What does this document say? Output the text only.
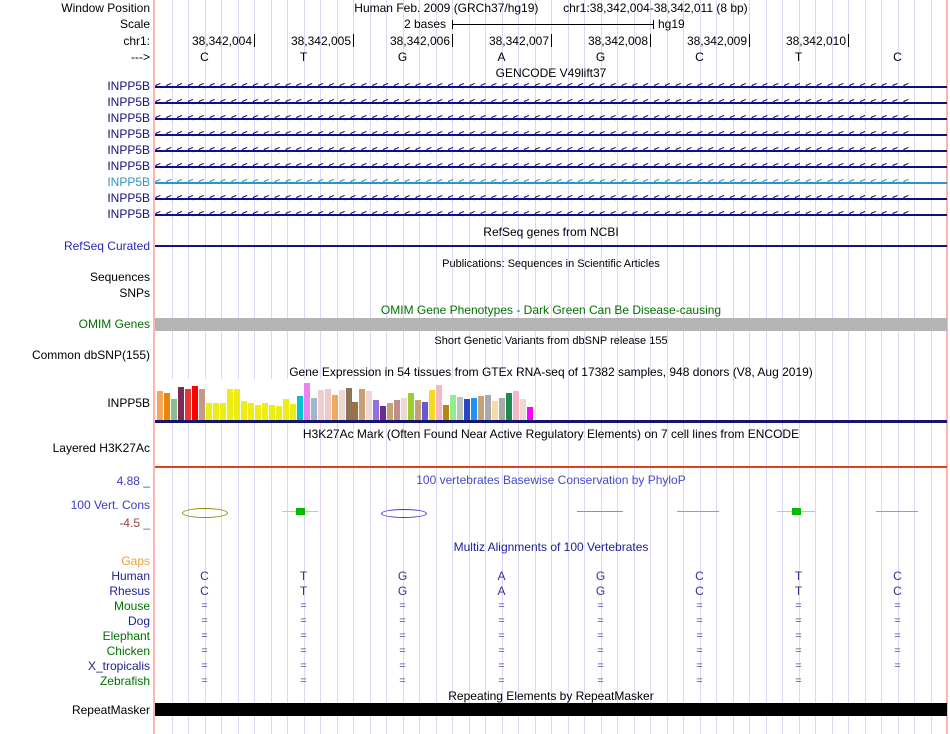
Window Position
Scale
chr1:
--->
Human Feb. 2009 (GRCh37/hg19) chr1:38,342,004-38,342,011 (8 bp)
2 bases	hg19
38,342,004	38,342,005	38,342,006	38,342,007	38,342,008	38,342,009	38,342,010
C	T	G	A	G	C	T	C
GENCODE V49lift37
INPP5B <<<<<<<<<<<<<<<<<<<<<<<<<<<<<<<<<<<<<<<<<<<<<<<<<<<<<<<<<<<<<<<<<<<<<<
INPP5B <<<<<<<<<<<<<<<<<<<<<<<<<<<<<<<<<<<<<<<<<<<<<<<<<<<<<<<<<<<<<<<<<<<<<<
INPP5B <<<<<<<<<<<<<<<<<<<<<<<<<<<<<<<<<<<<<<<<<<<<<<<<<<<<<<<<<<<<<<<<<<<<<<
INPP5B <<<<<<<<<<<<<<<<<<<<<<<<<<<<<<<<<<<<<<<<<<<<<<<<<<<<<<<<<<<<<<<<<<<<<<
INPP5B <<<<<<<<<<<<<<<<<<<<<<<<<<<<<<<<<<<<<<<<<<<<<<<<<<<<<<<<<<<<<<<<<<<<<<
INPP5B <<<<<<<<<<<<<<<<<<<<<<<<<<<<<<<<<<<<<<<<<<<<<<<<<<<<<<<<<<<<<<<<<<<<<<
INPP5B <<<<<<<<<<<<<<<<<<<<<<<<<<<<<<<<<<<<<<<<<<<<<<<<<<<<<<<<<<<<<<<<<<<<<<
INPP5B <<<<<<<<<<<<<<<<<<<<<<<<<<<<<<<<<<<<<<<<<<<<<<<<<<<<<<<<<<<<<<<<<<<<<<
INPP5B <<<<<<<<<<<<<<<<<<<<<<<<<<<<<<<<<<<<<<<<<<<<<<<<<<<<<<<<<<<<<<<<<<<<<<
RefSeq genes from NCBI
RefSeq Curated
Publications: Sequences in Scientific Articles
Sequences
SNPs
OMIM Gene Phenotypes - Dark Green Can Be Disease-causing
OMIM Genes
Short Genetic Variants from dbSNP release 155
Common dbSNP(155)
Gene Expression in 54 tissues from GTEx RNA-seq of 17382 samples, 948 donors (V8, Aug 2019)
INPP5B
H3K27Ac Mark (Often Found Near Active Regulatory Elements) on 7 cell lines from ENCODE
Layered H3K27Ac
100 vertebrates Basewise Conservation by PhyloP
4.88 _
100 Vert. Cons
-4.5 _
Multiz Alignments of 100 Vertebrates
Gaps
Human	C	T	G	A	G	C	T	C
Rhesus	C	T	G	A	G	C	T	C
Mouse	=	=	=	=	=	=	=	=
Dog	=	=	=	=	=	=	=	=
Elephant	=	=	=	=	=	=	=	=
Chicken	=	=	=	=	=	=	=	=
X_tropicalis	=	=	=	=	=	=	=	=
Zebrafish	=	=	=	=	=	=	=
Repeating Elements by RepeatMasker
RepeatMasker
